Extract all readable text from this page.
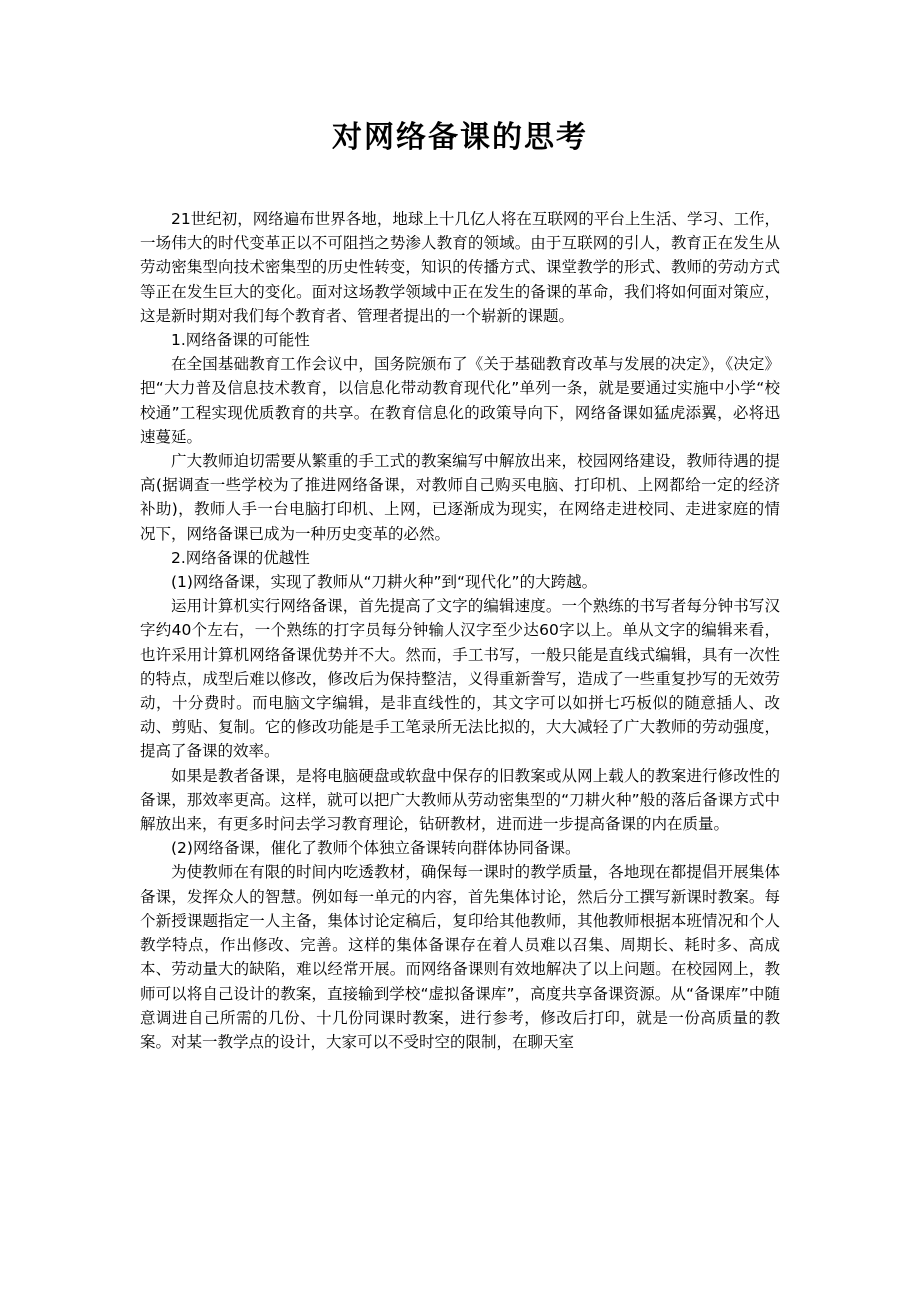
对网络备课的思考

21世纪初，网络遍布世界各地，地球上十几亿人将在互联网的平台上生活、学习、工作，一场伟大的时代变革正以不可阻挡之势渗人教育的领域。由于互联网的引人，教育正在发生从劳动密集型向技术密集型的历史性转变，知识的传播方式、课堂教学的形式、教师的劳动方式等正在发生巨大的变化。面对这场教学领域中正在发生的备课的革命，我们将如何面对策应，这是新时期对我们每个教育者、管理者提出的一个崭新的课题。

1.网络备课的可能性

在全国基础教育工作会议中，国务院颁布了《关于基础教育改革与发展的决定》，《决定》把“大力普及信息技术教育，以信息化带动教育现代化”单列一条，就是要通过实施中小学“校校通”工程实现优质教育的共享。在教育信息化的政策导向下，网络备课如猛虎添翼，必将迅速蔓延。

广大教师迫切需要从繁重的手工式的教案编写中解放出来，校园网络建设，教师待遇的提高(据调查一些学校为了推进网络备课，对教师自己购买电脑、打印机、上网都给一定的经济补助)，教师人手一台电脑打印机、上网，已逐渐成为现实，在网络走进校同、走进家庭的情况下，网络备课已成为一种历史变革的必然。

2.网络备课的优越性

(1)网络备课，实现了教师从“刀耕火种”到“现代化”的大跨越。

运用计算机实行网络备课，首先提高了文字的编辑速度。一个熟练的书写者每分钟书写汉字约40个左右，一个熟练的打字员每分钟输人汉字至少达60字以上。单从文字的编辑来看，也许采用计算机网络备课优势并不大。然而，手工书写，一般只能是直线式编辑，具有一次性的特点，成型后难以修改，修改后为保持整洁，义得重新誊写，造成了一些重复抄写的无效劳动，十分费时。而电脑文字编辑，是非直线性的，其文字可以如拼七巧板似的随意插人、改动、剪贴、复制。它的修改功能是手工笔录所无法比拟的，大大减轻了广大教师的劳动强度，提高了备课的效率。

如果是教者备课，是将电脑硬盘或软盘中保存的旧教案或从网上载人的教案进行修改性的备课，那效率更高。这样，就可以把广大教师从劳动密集型的“刀耕火种”般的落后备课方式中解放出来，有更多时问去学习教育理论，钻研教材，进而进一步提高备课的内在质量。

(2)网络备课，催化了教师个体独立备课转向群体协同备课。

为使教师在有限的时间内吃透教材，确保每一课时的教学质量，各地现在都提倡开展集体备课，发挥众人的智慧。例如每一单元的内容，首先集体讨论，然后分工撰写新课时教案。每个新授课题指定一人主备，集体讨论定稿后，复印给其他教师，其他教师根据本班情况和个人教学特点，作出修改、完善。这样的集体备课存在着人员难以召集、周期长、耗时多、高成本、劳动量大的缺陷，难以经常开展。而网络备课则有效地解决了以上问题。在校园网上，教师可以将自己设计的教案，直接输到学校“虚拟备课库”，高度共享备课资源。从“备课库”中随意调进自己所需的几份、十几份同课时教案，进行参考，修改后打印，就是一份高质量的教案。对某一教学点的设计，大家可以不受时空的限制，在聊天室
